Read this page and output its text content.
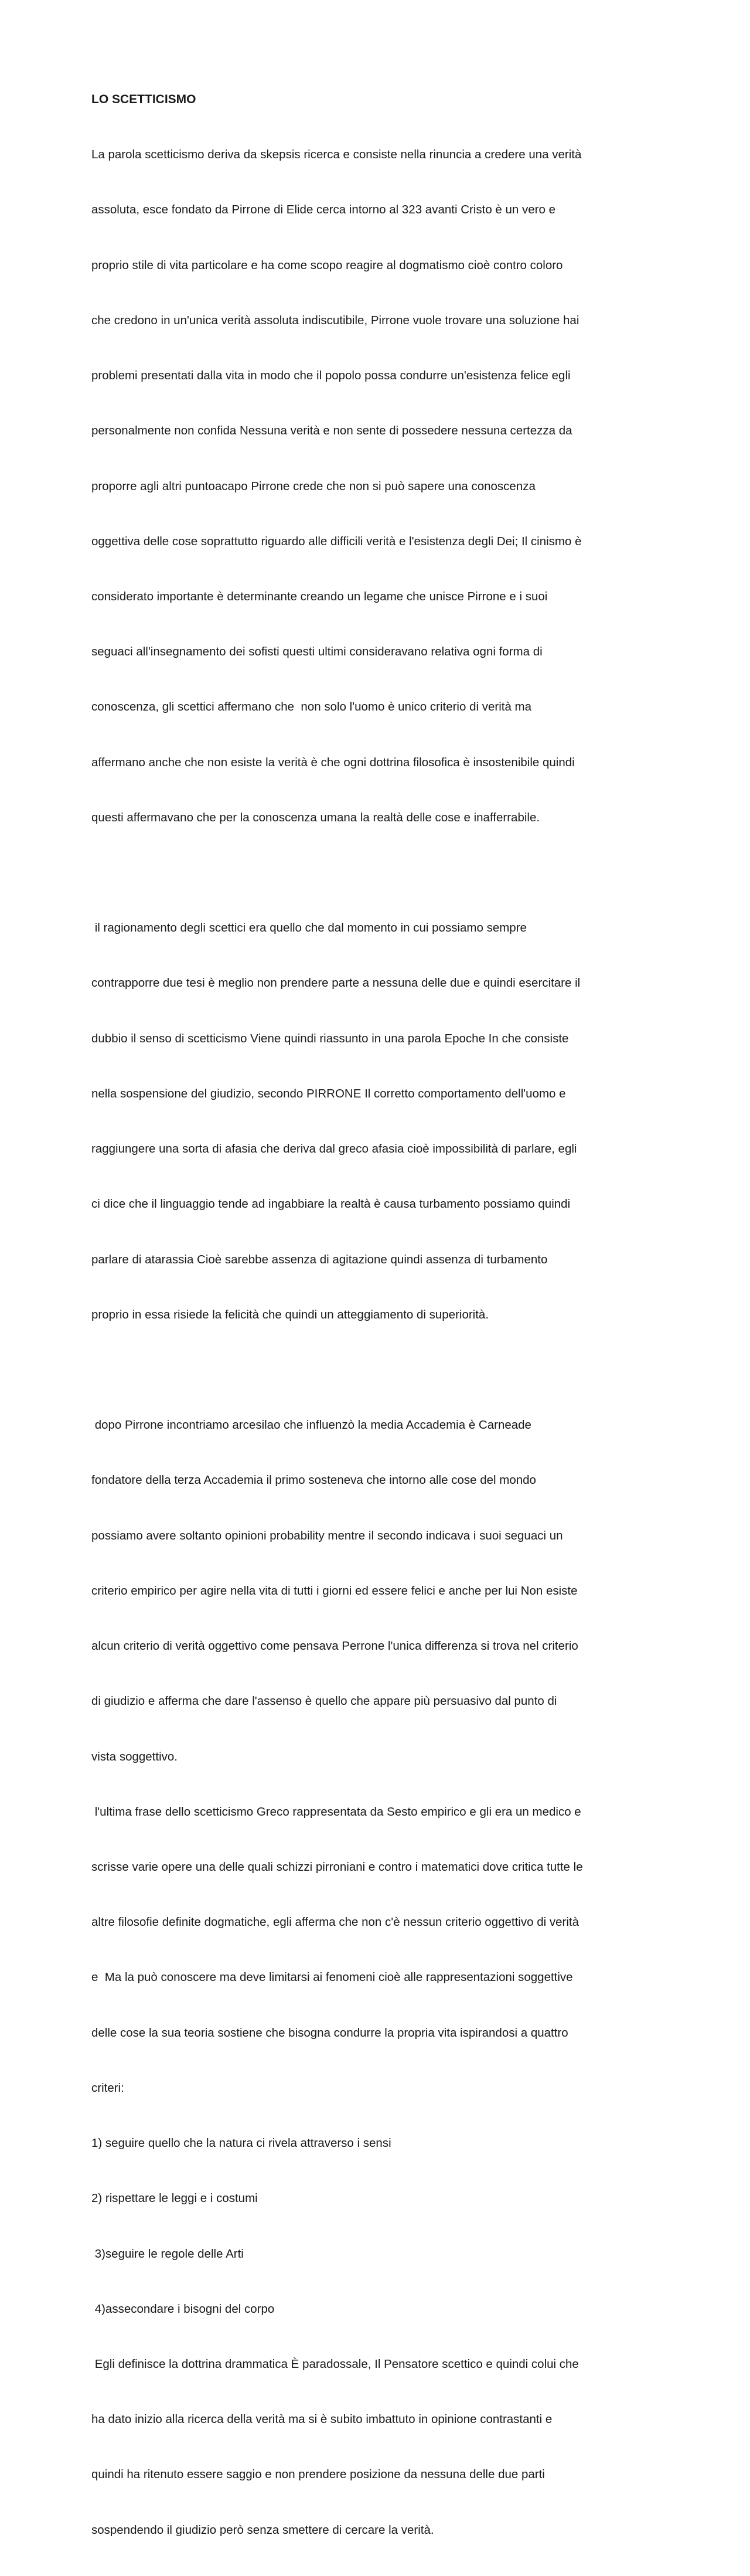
LO SCETTICISMO

La parola scetticismo deriva da skepsis ricerca e consiste nella rinuncia a credere una verità

assoluta, esce fondato da Pirrone di Elide cerca intorno al 323 avanti Cristo è un vero e

proprio stile di vita particolare e ha come scopo reagire al dogmatismo cioè contro coloro

che credono in un'unica verità assoluta indiscutibile, Pirrone vuole trovare una soluzione hai

problemi presentati dalla vita in modo che il popolo possa condurre un'esistenza felice egli

personalmente non confida Nessuna verità e non sente di possedere nessuna certezza da

proporre agli altri puntoacapo Pirrone crede che non si può sapere una conoscenza

oggettiva delle cose soprattutto riguardo alle difficili verità e l'esistenza degli Dei; Il cinismo è

considerato importante è determinante creando un legame che unisce Pirrone e i suoi

seguaci all'insegnamento dei sofisti questi ultimi consideravano relativa ogni forma di

conoscenza, gli scettici affermano che  non solo l'uomo è unico criterio di verità ma

affermano anche che non esiste la verità è che ogni dottrina filosofica è insostenibile quindi

questi affermavano che per la conoscenza umana la realtà delle cose e inafferrabile.

il ragionamento degli scettici era quello che dal momento in cui possiamo sempre

contrapporre due tesi è meglio non prendere parte a nessuna delle due e quindi esercitare il

dubbio il senso di scetticismo Viene quindi riassunto in una parola Epoche In che consiste

nella sospensione del giudizio, secondo PIRRONE Il corretto comportamento dell'uomo e

raggiungere una sorta di afasia che deriva dal greco afasia cioè impossibilità di parlare, egli

ci dice che il linguaggio tende ad ingabbiare la realtà è causa turbamento possiamo quindi

parlare di atarassia Cioè sarebbe assenza di agitazione quindi assenza di turbamento

proprio in essa risiede la felicità che quindi un atteggiamento di superiorità.

dopo Pirrone incontriamo arcesilao che influenzò la media Accademia è Carneade

fondatore della terza Accademia il primo sosteneva che intorno alle cose del mondo

possiamo avere soltanto opinioni probability mentre il secondo indicava i suoi seguaci un

criterio empirico per agire nella vita di tutti i giorni ed essere felici e anche per lui Non esiste

alcun criterio di verità oggettivo come pensava Perrone l'unica differenza si trova nel criterio

di giudizio e afferma che dare l'assenso è quello che appare più persuasivo dal punto di

vista soggettivo.

l'ultima frase dello scetticismo Greco rappresentata da Sesto empirico e gli era un medico e

scrisse varie opere una delle quali schizzi pirroniani e contro i matematici dove critica tutte le

altre filosofie definite dogmatiche, egli afferma che non c'è nessun criterio oggettivo di verità

e  Ma la può conoscere ma deve limitarsi ai fenomeni cioè alle rappresentazioni soggettive

delle cose la sua teoria sostiene che bisogna condurre la propria vita ispirandosi a quattro

criteri:

1) seguire quello che la natura ci rivela attraverso i sensi

2) rispettare le leggi e i costumi

3)seguire le regole delle Arti

4)assecondare i bisogni del corpo

Egli definisce la dottrina drammatica È paradossale, Il Pensatore scettico e quindi colui che

ha dato inizio alla ricerca della verità ma si è subito imbattuto in opinione contrastanti e

quindi ha ritenuto essere saggio e non prendere posizione da nessuna delle due parti

sospendendo il giudizio però senza smettere di cercare la verità.
